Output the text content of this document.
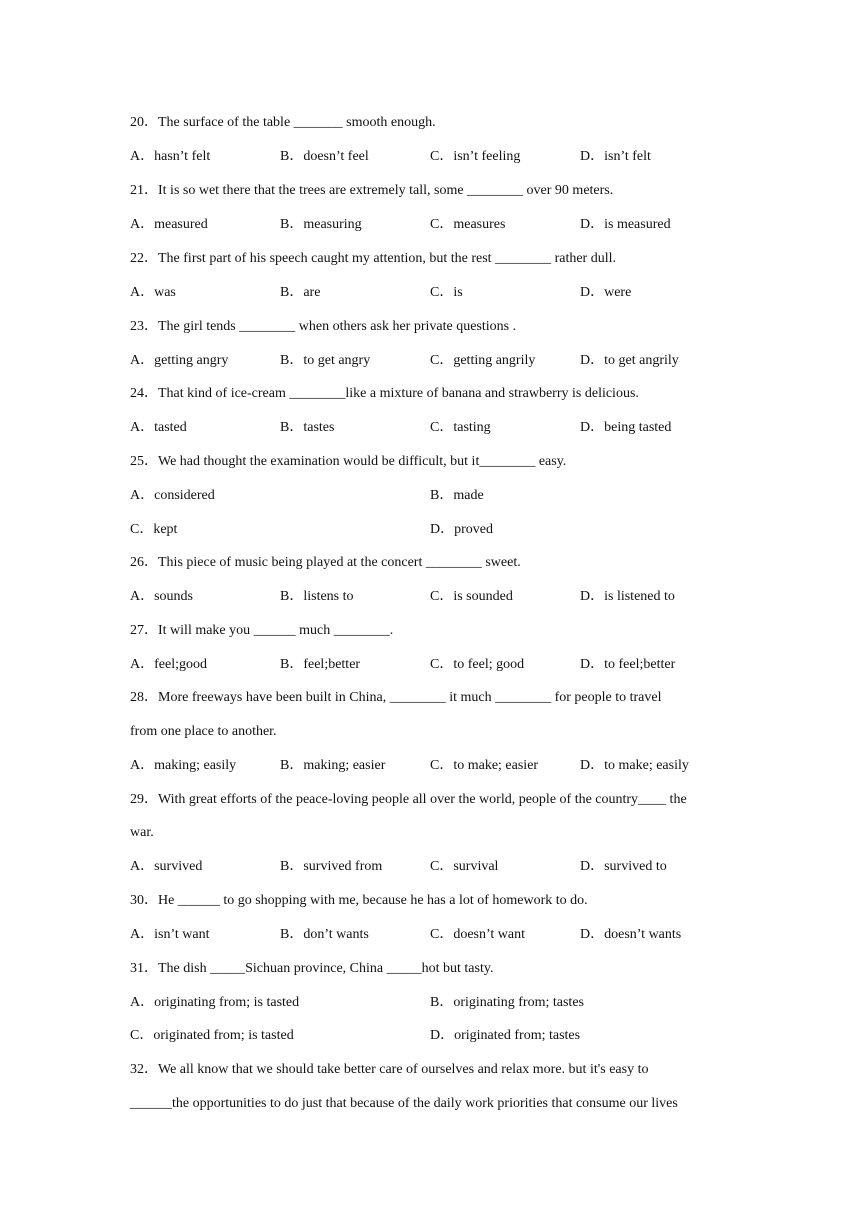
20．The surface of the table _______ smooth enough.
A．hasn’t felt	B．doesn’t feel	C．isn’t feeling	D．isn’t felt
21．It is so wet there that the trees are extremely tall, some ________ over 90 meters.
A．measured	B．measuring	C．measures	D．is measured
22．The first part of his speech caught my attention, but the rest ________ rather dull.
A．was	B．are	C．is	D．were
23．The girl tends ________ when others ask her private questions .
A．getting angry	B．to get angry	C．getting angrily	D．to get angrily
24．That kind of ice-cream ________like a mixture of banana and strawberry is delicious.
A．tasted	B．tastes	C．tasting	D．being tasted
25．We had thought the examination would be difficult, but it________ easy.
A．considered	B．made
C．kept	D．proved
26．This piece of music being played at the concert ________ sweet.
A．sounds	B．listens to	C．is sounded	D．is listened to
27．It will make you ______ much ________.
A．feel;good	B．feel;better	C．to feel; good	D．to feel;better
28．More freeways have been built in China, ________ it much ________ for people to travel
from one place to another.
A．making; easily	B．making; easier	C．to make; easier	D．to make; easily
29．With great efforts of the peace-loving people all over the world, people of the country____ the
war.
A．survived	B．survived from	C．survival	D．survived to
30．He ______ to go shopping with me, because he has a lot of homework to do.
A．isn’t want	B．don’t wants	C．doesn’t want	D．doesn’t wants
31．The dish _____Sichuan province, China _____hot but tasty.
A．originating from; is tasted	B．originating from; tastes
C．originated from; is tasted	D．originated from; tastes
32．We all know that we should take better care of ourselves and relax more. but it's easy to
______the opportunities to do just that because of the daily work priorities that consume our lives
